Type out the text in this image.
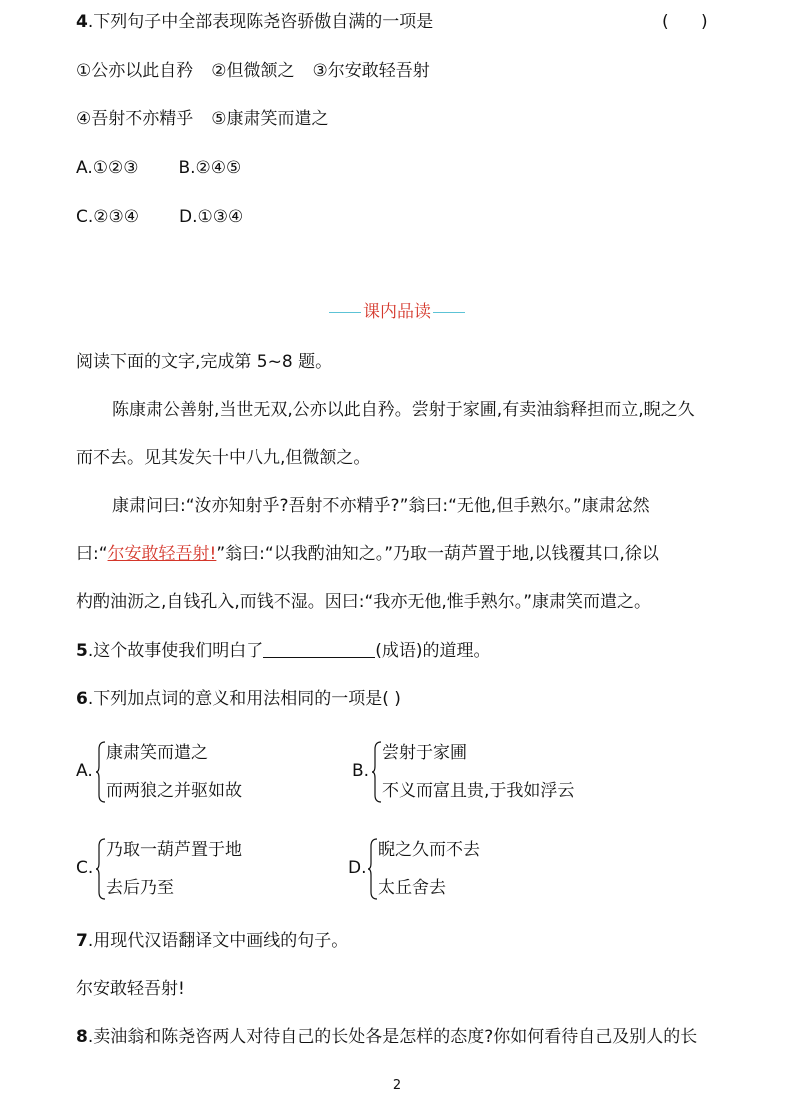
4.下列句子中全部表现陈尧咨骄傲自满的一项是	(      )
①公亦以此自矜 ②但微颔之 ③尔安敢轻吾射
④吾射不亦精乎 ⑤康肃笑而遣之
A.①②③ B.②④⑤
C.②③④ D.①③④
课内品读
阅读下面的文字,完成第 5~8 题。
陈康肃公善射,当世无双,公亦以此自矜。尝射于家圃,有卖油翁释担而立,睨之久
而不去。见其发矢十中八九,但微颔之。
康肃问曰:“汝亦知射乎?吾射不亦精乎?”翁曰:“无他,但手熟尔。”康肃忿然
曰:“尔安敢轻吾射!”翁曰:“以我酌油知之。”乃取一葫芦置于地,以钱覆其口,徐以
杓酌油沥之,自钱孔入,而钱不湿。因曰:“我亦无他,惟手熟尔。”康肃笑而遣之。
5.这个故事使我们明白了	(成语)的道理。
6.下列加点词的意义和用法相同的一项是( )
A.
康肃笑而遣之
而两狼之并驱如故
B.
尝射于家圃
不义而富且贵,于我如浮云
C.
乃取一葫芦置于地
去后乃至
D.
睨之久而不去
太丘舍去
7.用现代汉语翻译文中画线的句子。
尔安敢轻吾射!
8.卖油翁和陈尧咨两人对待自己的长处各是怎样的态度?你如何看待自己及别人的长
2
